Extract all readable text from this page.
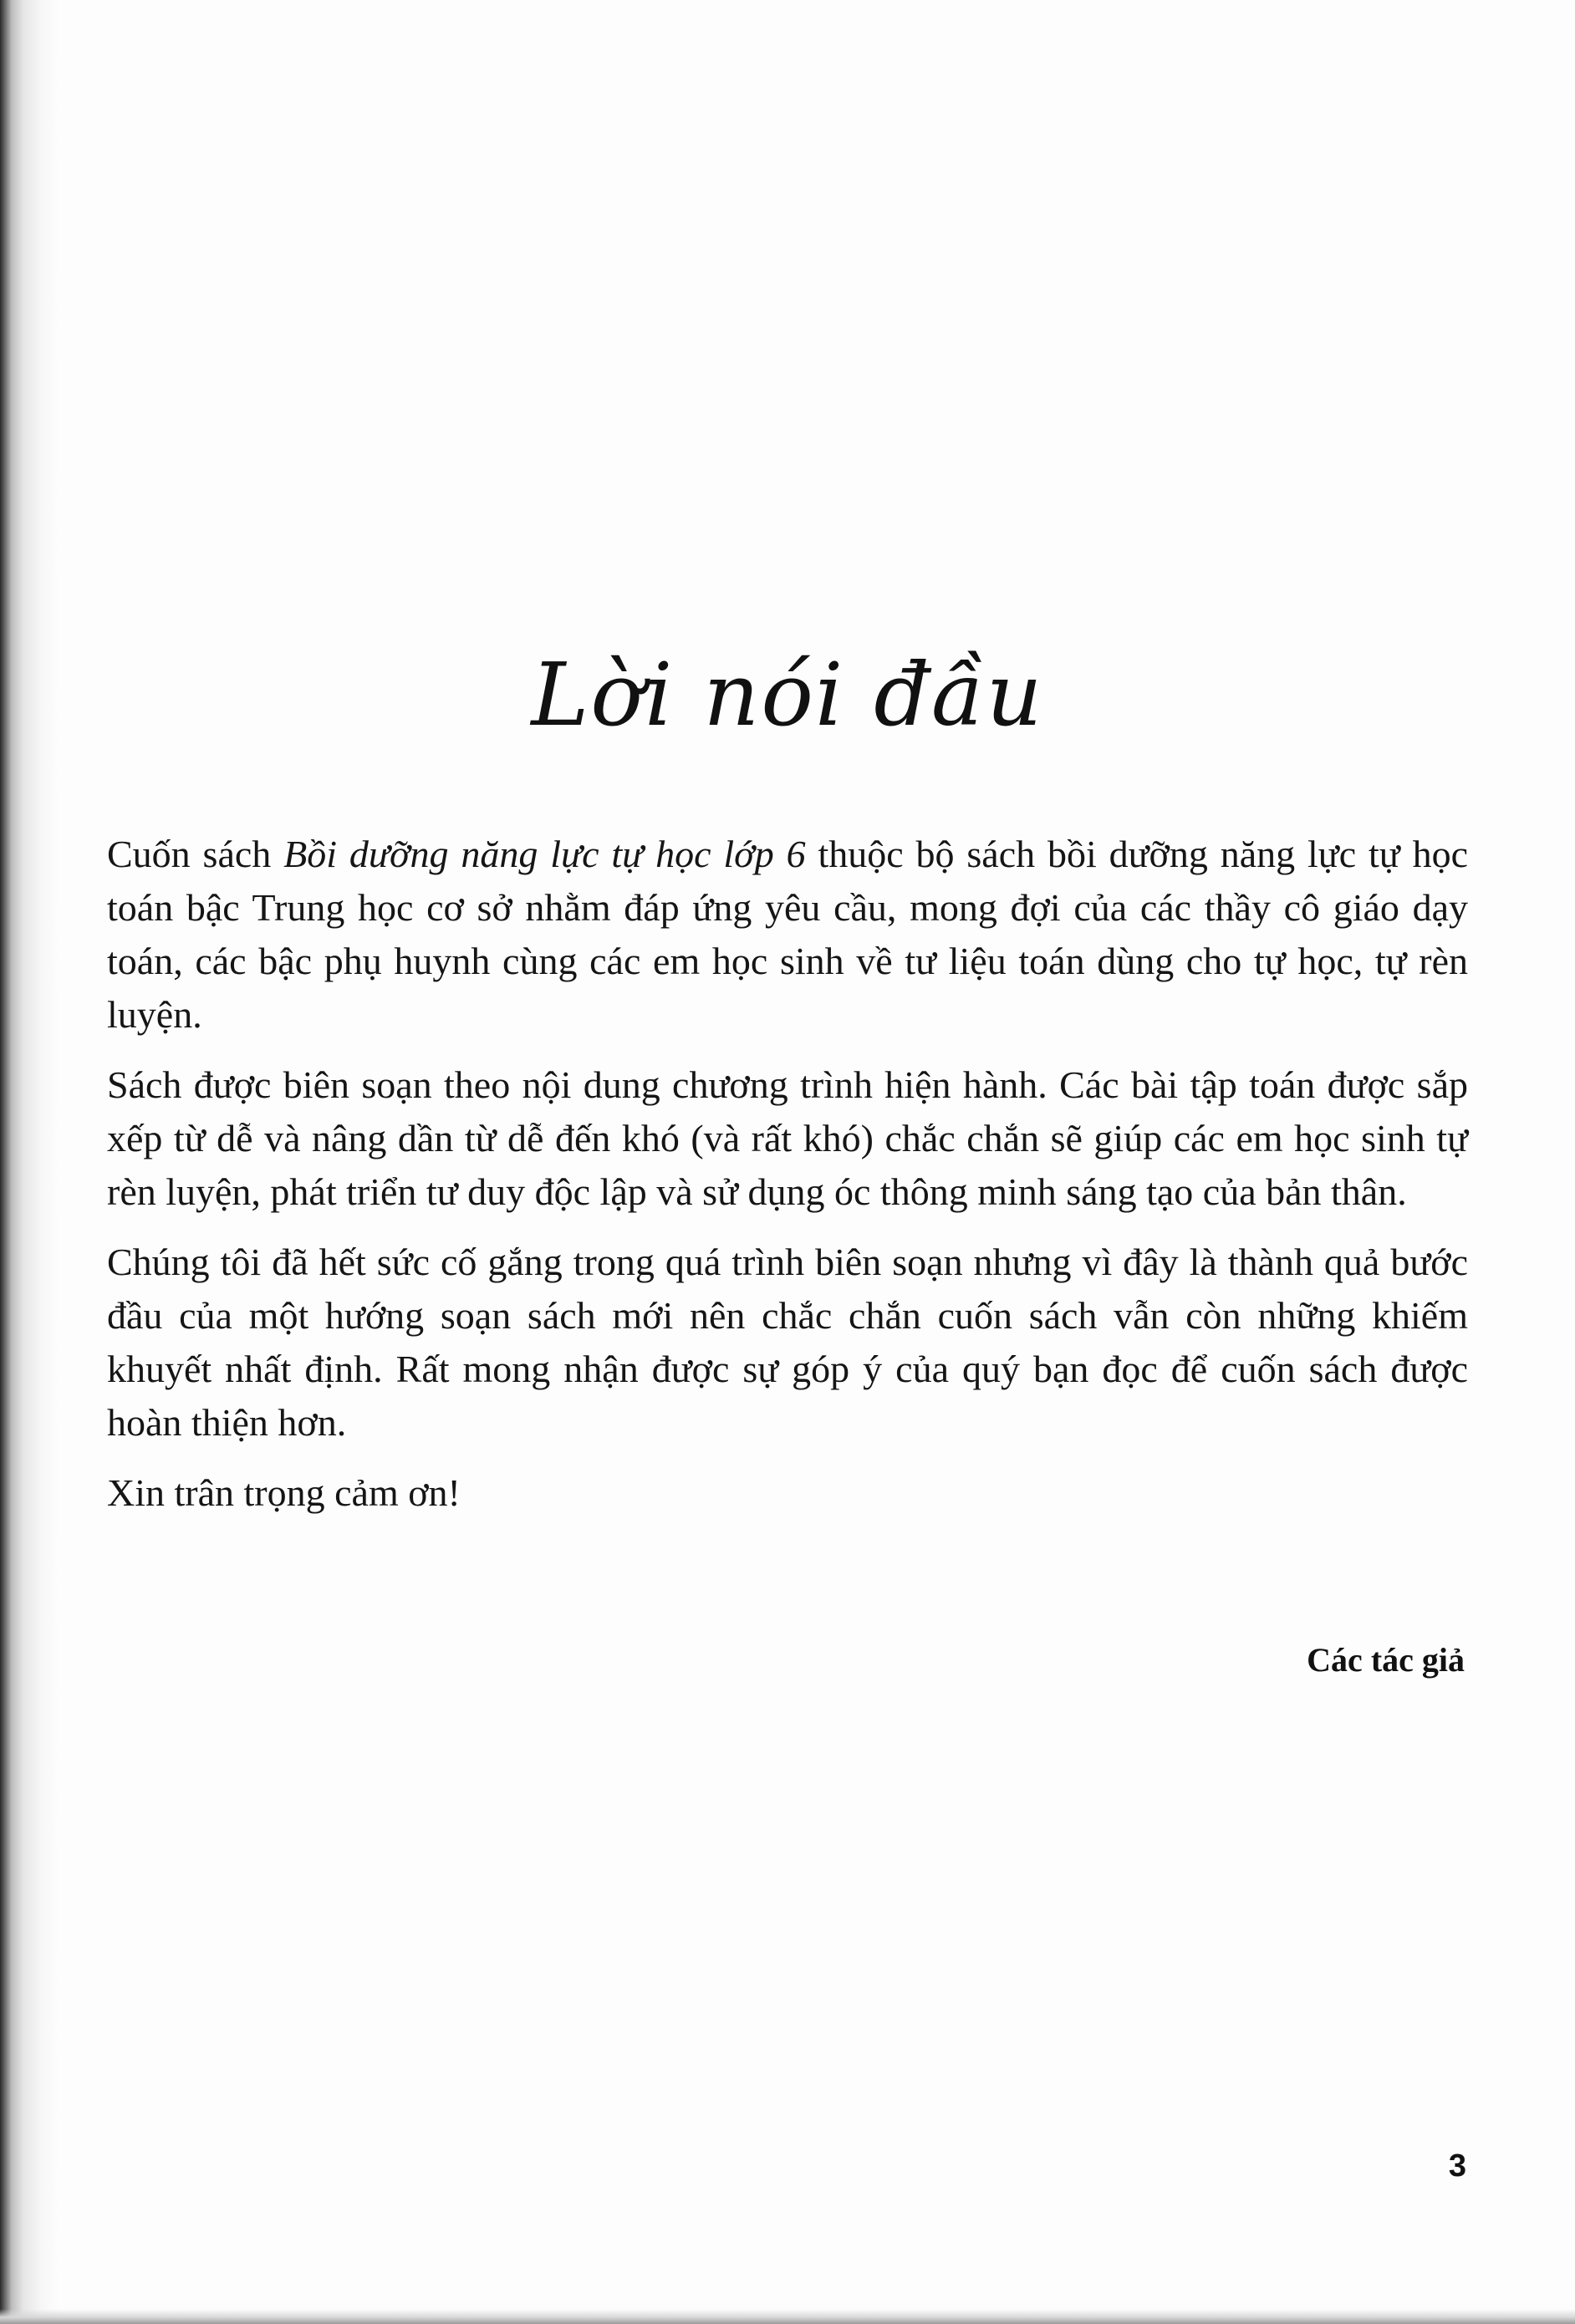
Lời nói đầu

Cuốn sách Bồi dưỡng năng lực tự học lớp 6 thuộc bộ sách bồi dưỡng năng lực tự học toán bậc Trung học cơ sở nhằm đáp ứng yêu cầu, mong đợi của các thầy cô giáo dạy toán, các bậc phụ huynh cùng các em học sinh về tư liệu toán dùng cho tự học, tự rèn luyện.

Sách được biên soạn theo nội dung chương trình hiện hành. Các bài tập toán được sắp xếp từ dễ và nâng dần từ dễ đến khó (và rất khó) chắc chắn sẽ giúp các em học sinh tự rèn luyện, phát triển tư duy độc lập và sử dụng óc thông minh sáng tạo của bản thân.

Chúng tôi đã hết sức cố gắng trong quá trình biên soạn nhưng vì đây là thành quả bước đầu của một hướng soạn sách mới nên chắc chắn cuốn sách vẫn còn những khiếm khuyết nhất định. Rất mong nhận được sự góp ý của quý bạn đọc để cuốn sách được hoàn thiện hơn.

Xin trân trọng cảm ơn!

Các tác giả
3
